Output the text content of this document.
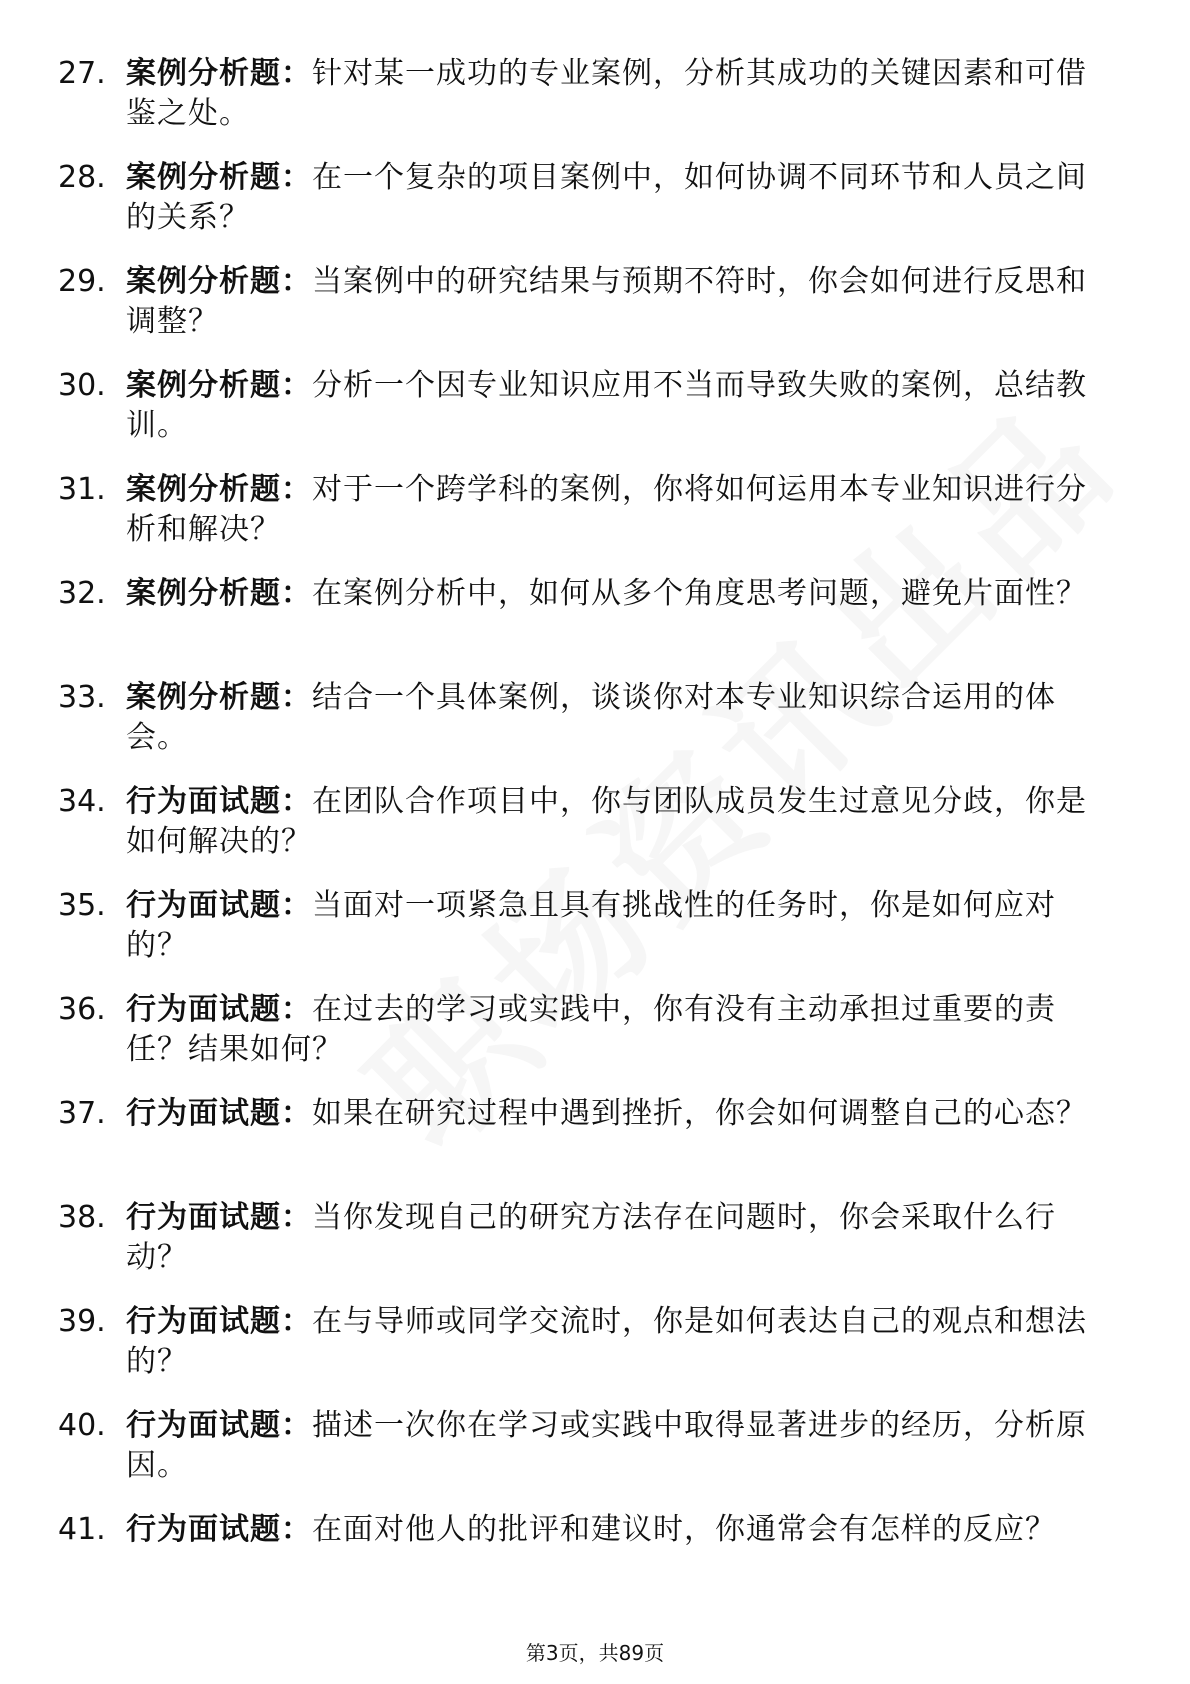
27. 案例分析题：针对某一成功的专业案例，分析其成功的关键因素和可借鉴之处。
28. 案例分析题：在一个复杂的项目案例中，如何协调不同环节和人员之间的关系？
29. 案例分析题：当案例中的研究结果与预期不符时，你会如何进行反思和调整？
30. 案例分析题：分析一个因专业知识应用不当而导致失败的案例，总结教训。
31. 案例分析题：对于一个跨学科的案例，你将如何运用本专业知识进行分析和解决？
32. 案例分析题：在案例分析中，如何从多个角度思考问题，避免片面性？
33. 案例分析题：结合一个具体案例，谈谈你对本专业知识综合运用的体会。
34. 行为面试题：在团队合作项目中，你与团队成员发生过意见分歧，你是如何解决的？
35. 行为面试题：当面对一项紧急且具有挑战性的任务时，你是如何应对的？
36. 行为面试题：在过去的学习或实践中，你有没有主动承担过重要的责任？结果如何？
37. 行为面试题：如果在研究过程中遇到挫折，你会如何调整自己的心态？
38. 行为面试题：当你发现自己的研究方法存在问题时，你会采取什么行动？
39. 行为面试题：在与导师或同学交流时，你是如何表达自己的观点和想法的？
40. 行为面试题：描述一次你在学习或实践中取得显著进步的经历，分析原因。
41. 行为面试题：在面对他人的批评和建议时，你通常会有怎样的反应？
第3页，共89页
